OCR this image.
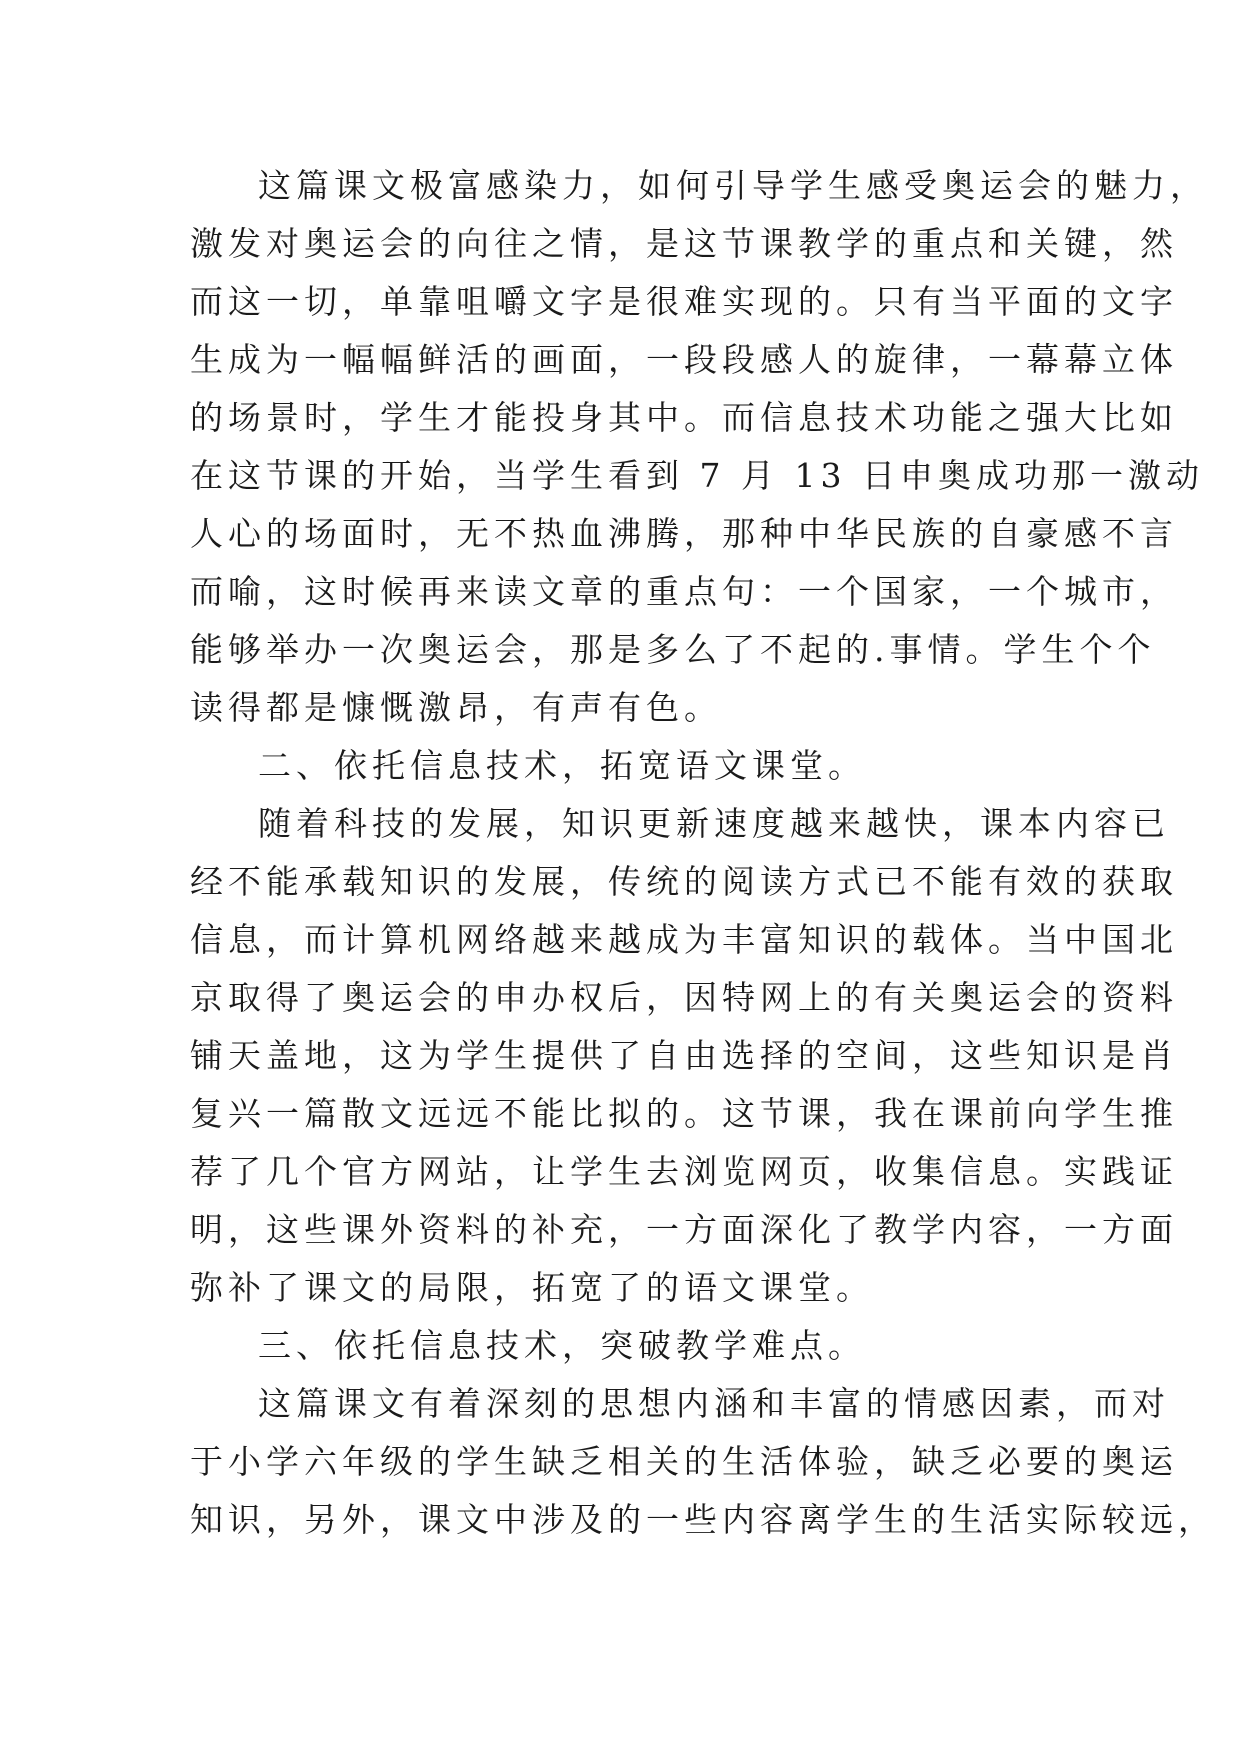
这篇课文极富感染力，如何引导学生感受奥运会的魅力，
激发对奥运会的向往之情，是这节课教学的重点和关键，然
而这一切，单靠咀嚼文字是很难实现的。只有当平面的文字
生成为一幅幅鲜活的画面，一段段感人的旋律，一幕幕立体
的场景时，学生才能投身其中。而信息技术功能之强大比如
在这节课的开始，当学生看到 7 月 13 日申奥成功那一激动
人心的场面时，无不热血沸腾，那种中华民族的自豪感不言
而喻，这时候再来读文章的重点句：一个国家，一个城市，
能够举办一次奥运会，那是多么了不起的.事情。学生个个
读得都是慷慨激昂，有声有色。
二、依托信息技术，拓宽语文课堂。
随着科技的发展，知识更新速度越来越快，课本内容已
经不能承载知识的发展，传统的阅读方式已不能有效的获取
信息，而计算机网络越来越成为丰富知识的载体。当中国北
京取得了奥运会的申办权后，因特网上的有关奥运会的资料
铺天盖地，这为学生提供了自由选择的空间，这些知识是肖
复兴一篇散文远远不能比拟的。这节课，我在课前向学生推
荐了几个官方网站，让学生去浏览网页，收集信息。实践证
明，这些课外资料的补充，一方面深化了教学内容，一方面
弥补了课文的局限，拓宽了的语文课堂。
三、依托信息技术，突破教学难点。
这篇课文有着深刻的思想内涵和丰富的情感因素，而对
于小学六年级的学生缺乏相关的生活体验，缺乏必要的奥运
知识，另外，课文中涉及的一些内容离学生的生活实际较远，
